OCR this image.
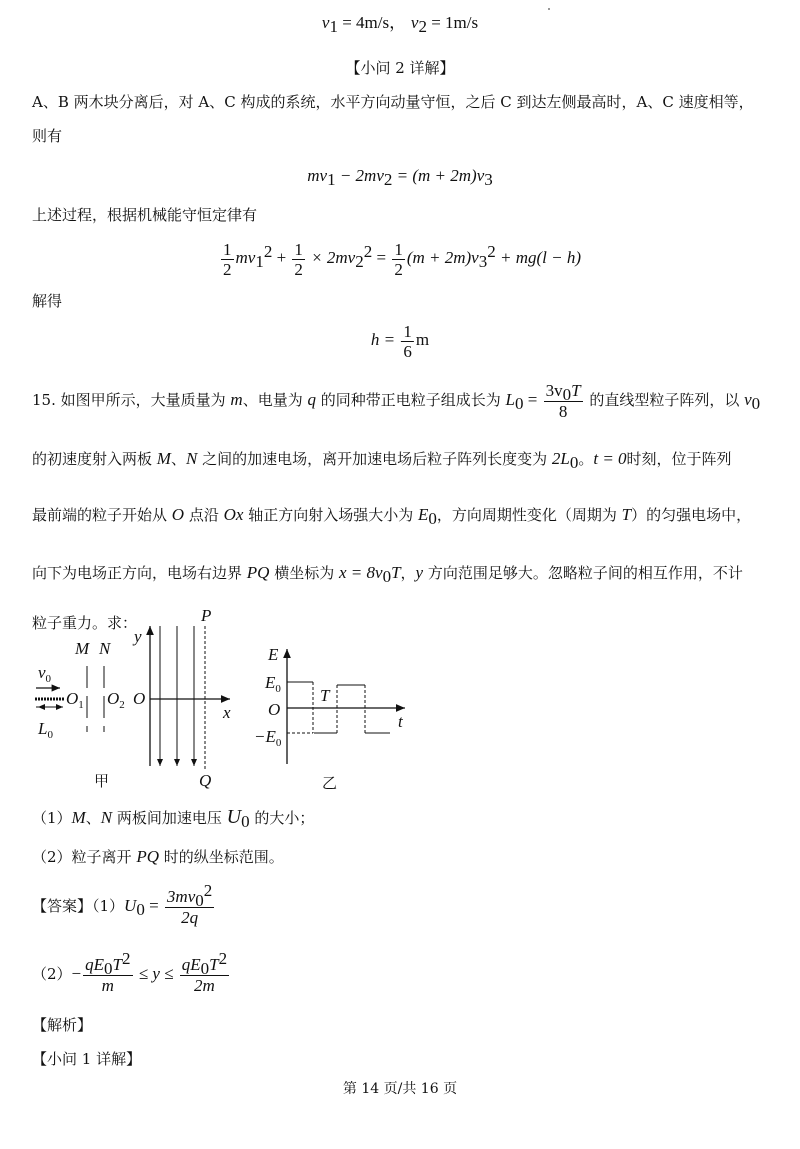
$v_1 = 4m/s$， $v_2 = 1m/s$
【小问 2 详解】
A、B 两木块分离后，对 A、C 构成的系统，水平方向动量守恒，之后 C 到达左侧最高时，A、C 速度相等，
则有
$mv_1 - 2mv_2 = (m + 2m)v_3$
上述过程，根据机械能守恒定律有
$\frac{1}{2} mv_1^2 + \frac{1}{2} \times 2mv_2^2 = \frac{1}{2} (m + 2m)v_3^2 + mg(l - h)$
解得
$h = \frac{1}{6}$ m
15. 如图甲所示，大量质量为 m、电量为 q 的同种带正电粒子组成长为 $L_0 = \frac{3v_0T}{8}$ 的直线型粒子阵列，以 $v_0$
的初速度射入两板 M、N 之间的加速电场，离开加速电场后粒子阵列长度变为 $2L_0$。t = 0时刻，位于阵列
最前端的粒子开始从 O 点沿 Ox 轴正方向射入场强大小为 $E_0$，方向周期性变化（周期为 T）的匀强电场中，
向下为电场正方向，电场右边界 PQ 横坐标为 $x = 8v_0T$，y 方向范围足够大。忽略粒子间的相互作用，不计
粒子重力。求：
$v_0$
$L_0$
$O_1$
M N
$O_2$ O
y
x
P
Q
甲
E
$E_0$
O
$-E_0$
t
T
乙
（1）M、N 两板间加速电压 $U_0$ 的大小；
（2）粒子离开 PQ 时的纵坐标范围。
【答案】$(1)U_0 = \frac{3mv_0^2}{2q}$
$(2)- \frac{qE_0T^2}{m} \le y \le \frac{qE_0T^2}{2m}$
【解析】
【小问 1 详解】
第 14 页/共 16 页
